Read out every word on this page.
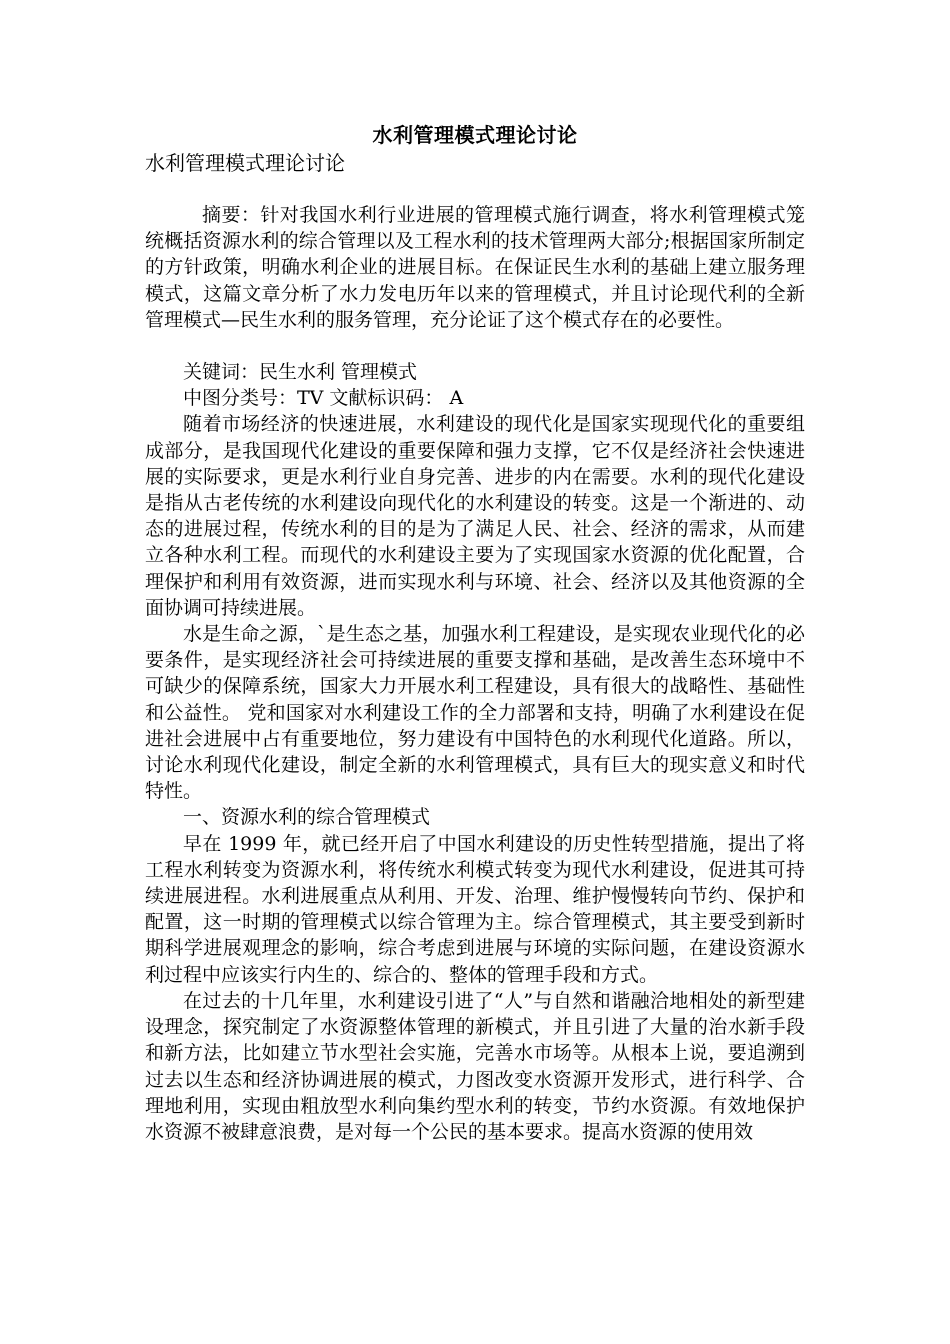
水利管理模式理论讨论

水利管理模式理论讨论

摘要：针对我国水利行业进展的管理模式施行调查，将水利管理模式笼统概括资源水利的综合管理以及工程水利的技术管理两大部分;根据国家所制定的方针政策，明确水利企业的进展目标。在保证民生水利的基础上建立服务理模式，这篇文章分析了水力发电历年以来的管理模式，并且讨论现代利的全新管理模式—民生水利的服务管理，充分论证了这个模式存在的必要性。

关键词：民生水利 管理模式

中图分类号：TV 文献标识码： A

随着市场经济的快速进展，水利建设的现代化是国家实现现代化的重要组成部分，是我国现代化建设的重要保障和强力支撑，它不仅是经济社会快速进展的实际要求，更是水利行业自身完善、进步的内在需要。水利的现代化建设是指从古老传统的水利建设向现代化的水利建设的转变。这是一个渐进的、动态的进展过程，传统水利的目的是为了满足人民、社会、经济的需求，从而建立各种水利工程。而现代的水利建设主要为了实现国家水资源的优化配置，合理保护和利用有效资源，进而实现水利与环境、社会、经济以及其他资源的全面协调可持续进展。

水是生命之源，`是生态之基，加强水利工程建设，是实现农业现代化的必要条件，是实现经济社会可持续进展的重要支撑和基础，是改善生态环境中不可缺少的保障系统，国家大力开展水利工程建设，具有很大的战略性、基础性和公益性。 党和国家对水利建设工作的全力部署和支持，明确了水利建设在促进社会进展中占有重要地位，努力建设有中国特色的水利现代化道路。所以，讨论水利现代化建设，制定全新的水利管理模式，具有巨大的现实意义和时代特性。

一、资源水利的综合管理模式

早在 1999 年，就已经开启了中国水利建设的历史性转型措施，提出了将工程水利转变为资源水利，将传统水利模式转变为现代水利建设，促进其可持续进展进程。水利进展重点从利用、开发、治理、维护慢慢转向节约、保护和配置，这一时期的管理模式以综合管理为主。综合管理模式，其主要受到新时期科学进展观理念的影响，综合考虑到进展与环境的实际问题，在建设资源水利过程中应该实行内生的、综合的、整体的管理手段和方式。

在过去的十几年里，水利建设引进了“人”与自然和谐融洽地相处的新型建设理念，探究制定了水资源整体管理的新模式，并且引进了大量的治水新手段和新方法，比如建立节水型社会实施，完善水市场等。从根本上说，要追溯到过去以生态和经济协调进展的模式，力图改变水资源开发形式，进行科学、合理地利用，实现由粗放型水利向集约型水利的转变，节约水资源。有效地保护水资源不被肆意浪费，是对每一个公民的基本要求。提高水资源的使用效
